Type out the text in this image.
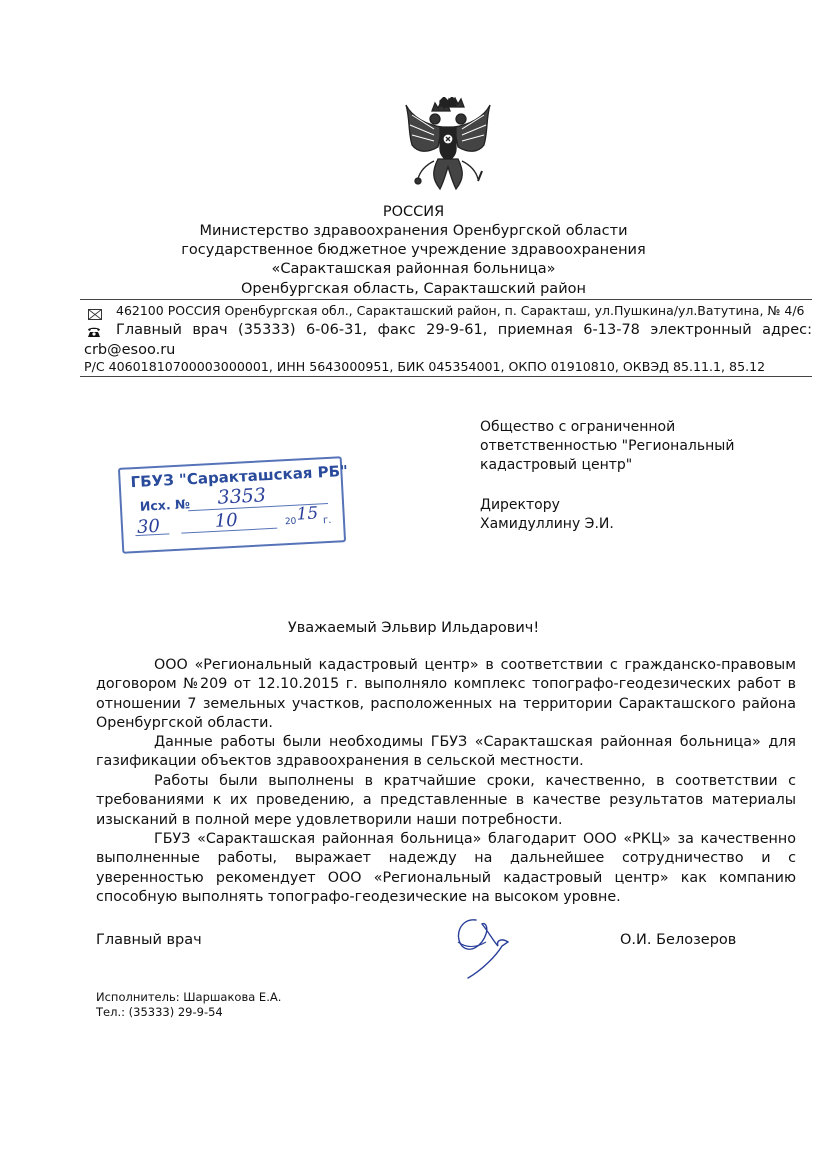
РОССИЯ
Министерство здравоохранения Оренбургской области
государственное бюджетное учреждение здравоохранения
«Саракташская районная больница»
Оренбургская область, Саракташский район
462100 РОССИЯ Оренбургская обл., Саракташский район, п. Саракташ, ул.Пушкина/ул.Ватутина, № 4/6
Главный врач (35333) 6-06-31, факс 29-9-61, приемная 6-13-78 электронный адрес:
crb@esoo.ru
Р/С 40601810700003000001, ИНН 5643000951, БИК 045354001, ОКПО 01910810, ОКВЭД 85.11.1, 85.12
Общество с ограниченной
ответственностью "Региональный
кадастровый центр"
Директору
Хамидуллину Э.И.
ГБУЗ "Саракташская РБ"
Исх. № 3353
30	10	20 15 г.
Уважаемый Эльвир Ильдарович!
ООО «Региональный кадастровый центр» в соответствии с гражданско-правовым договором №209 от 12.10.2015 г. выполняло комплекс топографо-геодезических работ в отношении 7 земельных участков, расположенных на территории Саракташского района Оренбургской области.
Данные работы были необходимы ГБУЗ «Саракташская районная больница» для газификации объектов здравоохранения в сельской местности.
Работы были выполнены в кратчайшие сроки, качественно, в соответствии с требованиями к их проведению, а представленные в качестве результатов материалы изысканий в полной мере удовлетворили наши потребности.
ГБУЗ «Саракташская районная больница» благодарит ООО «РКЦ» за качественно выполненные работы, выражает надежду на дальнейшее сотрудничество и с уверенностью рекомендует ООО «Региональный кадастровый центр» как компанию способную выполнять топографо-геодезические на высоком уровне.
Главный врач	О.И. Белозеров
Исполнитель: Шаршакова Е.А.
Тел.: (35333) 29-9-54
